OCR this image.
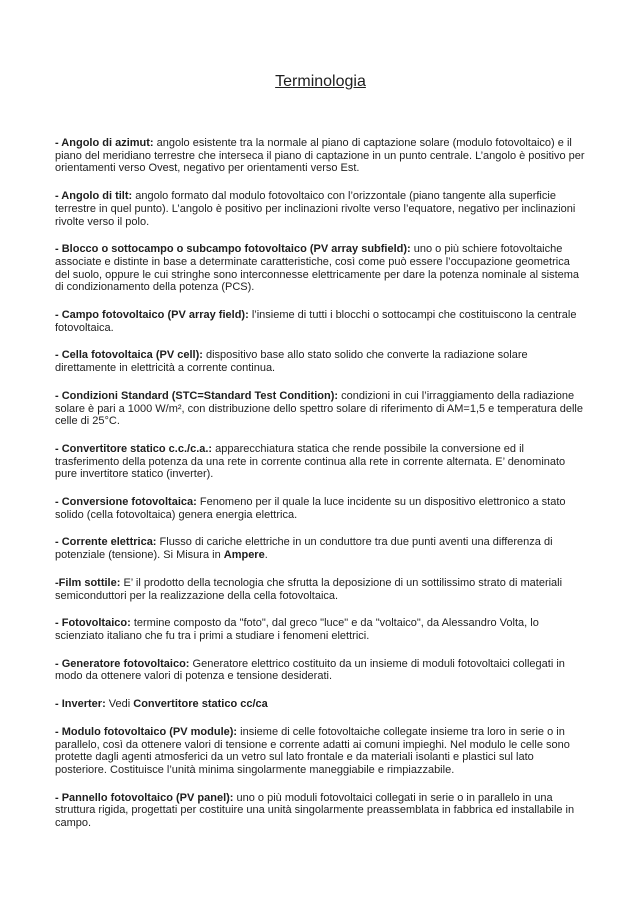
Terminologia

- Angolo di azimut: angolo esistente tra la normale al piano di captazione solare (modulo fotovoltaico) e il piano del meridiano terrestre che interseca il piano di captazione in un punto centrale. L’angolo è positivo per orientamenti verso Ovest, negativo per orientamenti verso Est.

- Angolo di tilt: angolo formato dal modulo fotovoltaico con l’orizzontale (piano tangente alla superficie terrestre in quel punto). L’angolo è positivo per inclinazioni rivolte verso l’equatore, negativo per inclinazioni rivolte verso il polo.

- Blocco o sottocampo o subcampo fotovoltaico (PV array subfield): uno o più schiere fotovoltaiche associate e distinte in base a determinate caratteristiche, così come può essere l’occupazione geometrica del suolo, oppure le cui stringhe sono interconnesse elettricamente per dare la potenza nominale al sistema di condizionamento della potenza (PCS).

- Campo fotovoltaico (PV array field): l’insieme di tutti i blocchi o sottocampi che costituiscono la centrale fotovoltaica.

- Cella fotovoltaica (PV cell): dispositivo base allo stato solido che converte la radiazione solare direttamente in elettricità a corrente continua.

- Condizioni Standard (STC=Standard Test Condition): condizioni in cui l’irraggiamento della radiazione solare è pari a 1000 W/m², con distribuzione dello spettro solare di riferimento di AM=1,5 e temperatura delle celle di 25°C.

- Convertitore statico c.c./c.a.: apparecchiatura statica che rende possibile la conversione ed il trasferimento della potenza da una rete in corrente continua alla rete in corrente alternata. E’ denominato pure invertitore statico (inverter).

- Conversione fotovoltaica: Fenomeno per il quale la luce incidente su un dispositivo elettronico a stato solido (cella fotovoltaica) genera energia elettrica.

- Corrente elettrica: Flusso di cariche elettriche in un conduttore tra due punti aventi una differenza di potenziale (tensione). Si Misura in Ampere.

-Film sottile: E’ il prodotto della tecnologia che sfrutta la deposizione di un sottilissimo strato di materiali semiconduttori per la realizzazione della cella fotovoltaica.

- Fotovoltaico: termine composto da "foto", dal greco "luce" e da "voltaico", da Alessandro Volta, lo scienziato italiano che fu tra i primi a studiare i fenomeni elettrici.

- Generatore fotovoltaico: Generatore elettrico costituito da un insieme di moduli fotovoltaici collegati in modo da ottenere valori di potenza e tensione desiderati.

- Inverter: Vedi Convertitore statico cc/ca

- Modulo fotovoltaico (PV module): insieme di celle fotovoltaiche collegate insieme tra loro in serie o in parallelo, così da ottenere valori di tensione e corrente adatti ai comuni impieghi. Nel modulo le celle sono protette dagli agenti atmosferici da un vetro sul lato frontale e da materiali isolanti e plastici sul lato posteriore. Costituisce l’unità minima singolarmente maneggiabile e rimpiazzabile.

- Pannello fotovoltaico (PV panel): uno o più moduli fotovoltaici collegati in serie o in parallelo in una struttura rigida, progettati per costituire una unità singolarmente preassemblata in fabbrica ed installabile in campo.
